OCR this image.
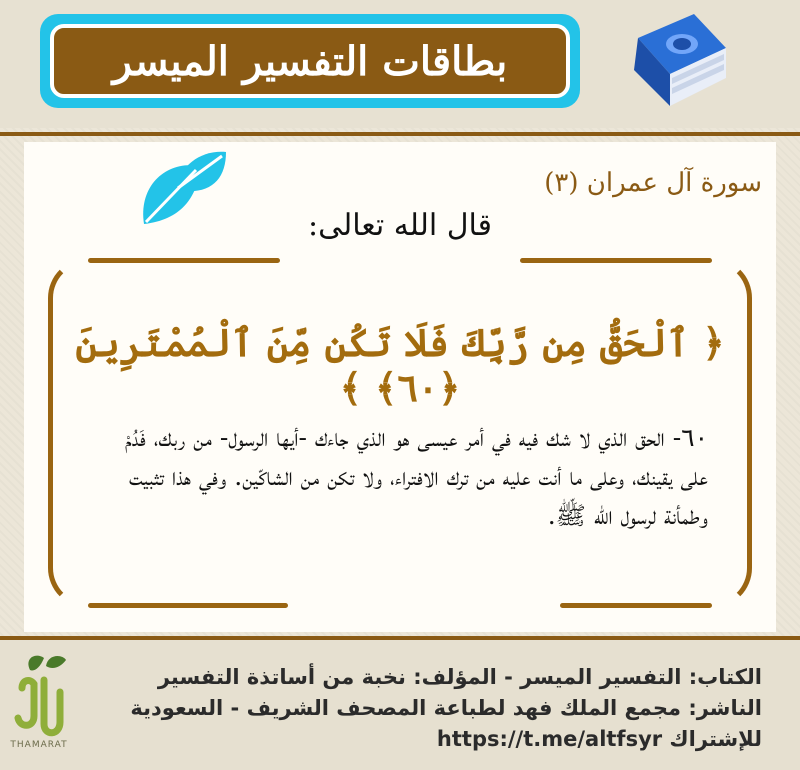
بطاقات التفسير الميسر
سورة آل عمران (٣)
قال الله تعالى:
﴿ ٱلْحَقُّ مِن رَّبِّكَ فَلَا تَكُن مِّنَ ٱلْمُمْتَرِينَ ﴿٦٠﴾ ﴾
٦٠- الحق الذي لا شك فيه في أمر عيسى هو الذي جاءك -أيها الرسول- من ربك، فَدُمْ على يقينك، وعلى ما أنت عليه من ترك الافتراء، ولا تكن من الشاكّين. وفي هذا تثبيت وطمأنة لرسول الله ﷺ.
الكتاب: التفسير الميسر - المؤلف: نخبة من أساتذة التفسير
الناشر: مجمع الملك فهد لطباعة المصحف الشريف - السعودية
للإشتراك https://t.me/altfsyr
THAMARAT
